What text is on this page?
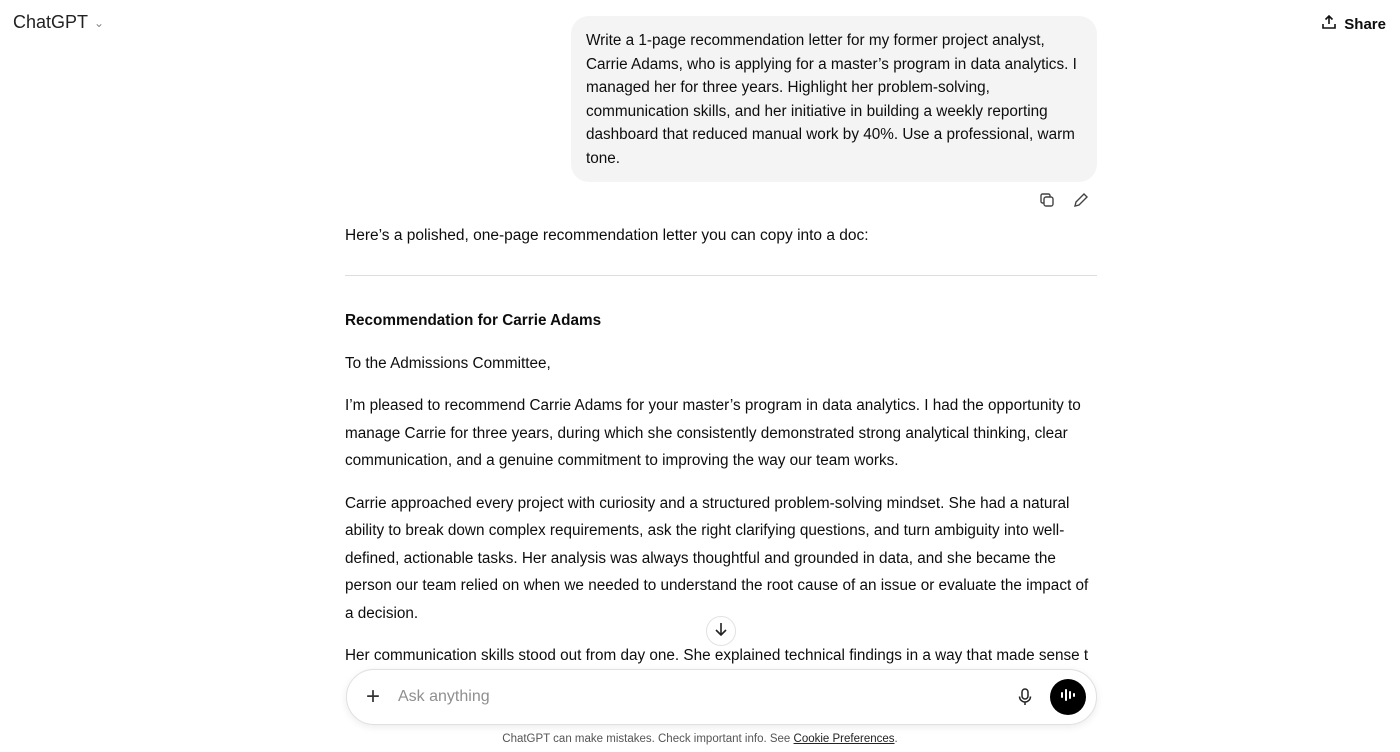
ChatGPT ⌄	Share
Write a 1-page recommendation letter for my former project analyst, Carrie Adams, who is applying for a master’s program in data analytics. I managed her for three years. Highlight her problem-solving, communication skills, and her initiative in building a weekly reporting dashboard that reduced manual work by 40%. Use a professional, warm tone.
Here’s a polished, one-page recommendation letter you can copy into a doc:
Recommendation for Carrie Adams

To the Admissions Committee,

I’m pleased to recommend Carrie Adams for your master’s program in data analytics. I had the opportunity to manage Carrie for three years, during which she consistently demonstrated strong analytical thinking, clear communication, and a genuine commitment to improving the way our team works.

Carrie approached every project with curiosity and a structured problem-solving mindset. She had a natural ability to break down complex requirements, ask the right clarifying questions, and turn ambiguity into well-defined, actionable tasks. Her analysis was always thoughtful and grounded in data, and she became the person our team relied on when we needed to understand the root cause of an issue or evaluate the impact of a decision.

Her communication skills stood out from day one. She explained technical findings in a way that made sense t

+
Ask anything
ChatGPT can make mistakes. Check important info. See Cookie Preferences.
